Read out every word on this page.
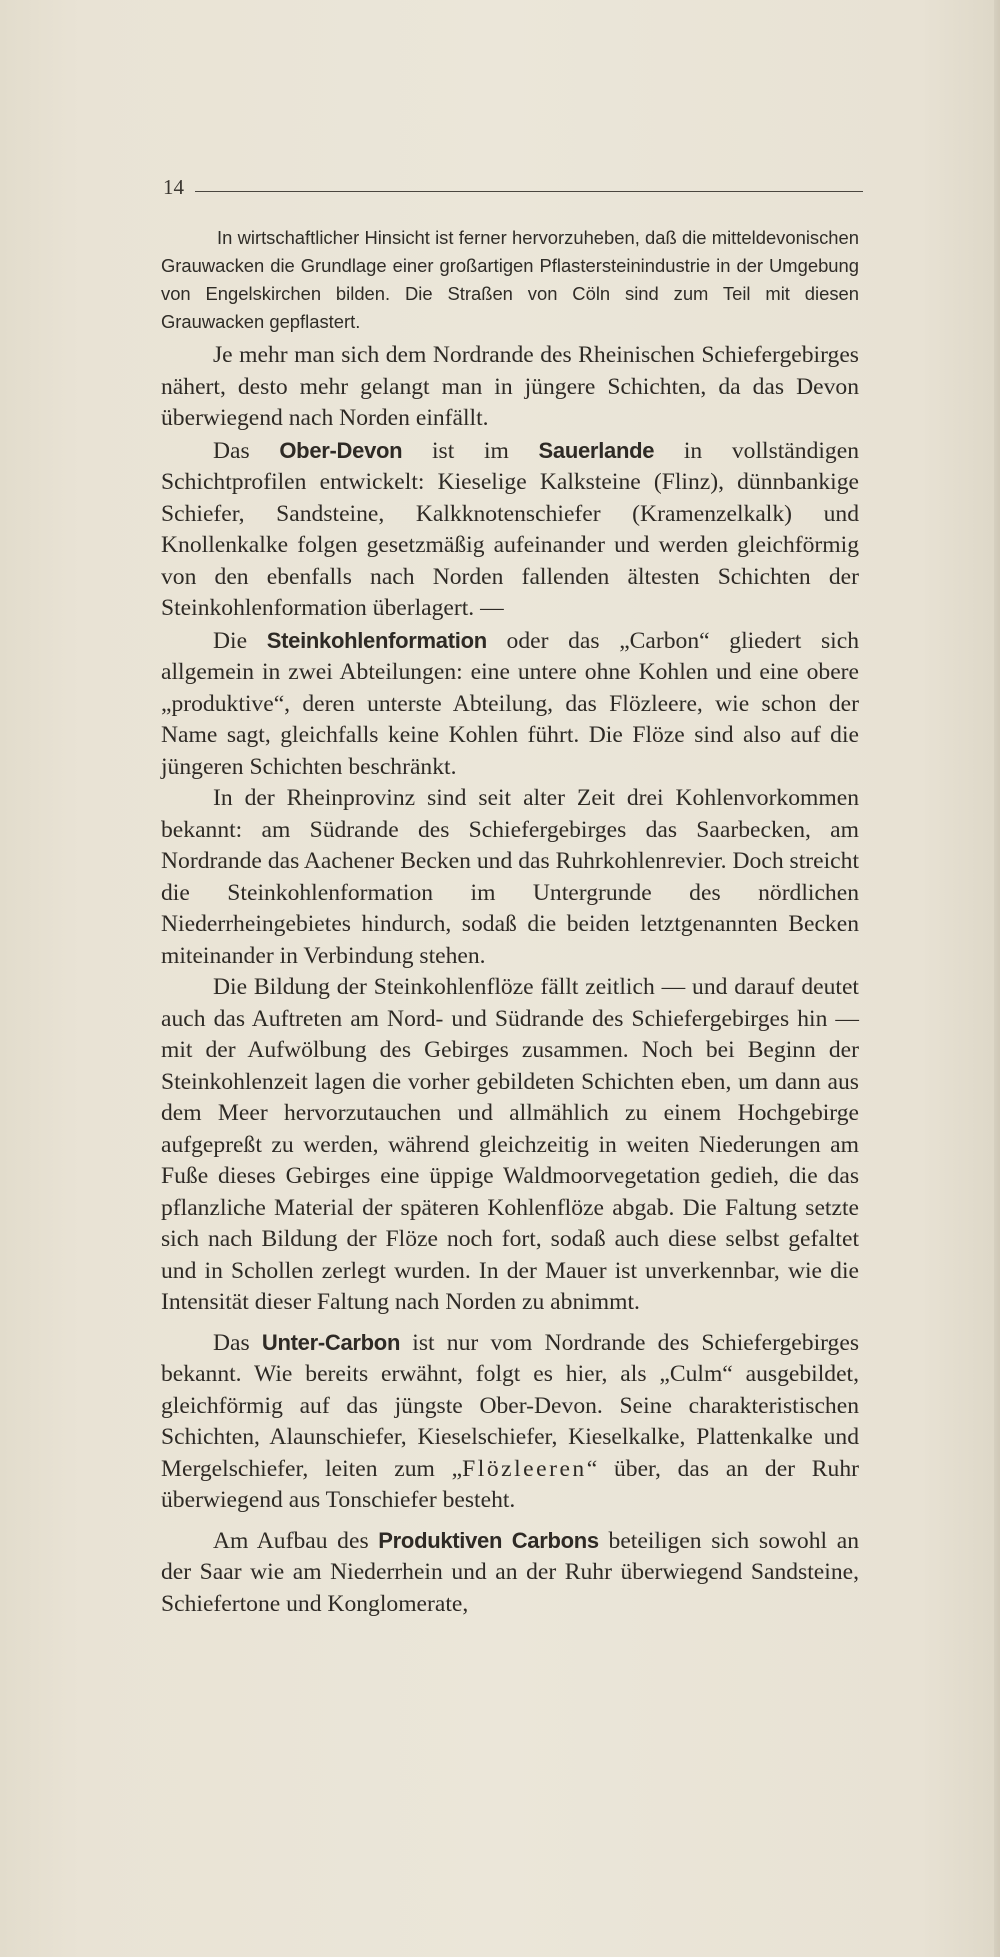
14

In wirtschaftlicher Hinsicht ist ferner hervorzuheben, daß die mitteldevonischen Grauwacken die Grundlage einer großartigen Pflastersteinindustrie in der Umgebung von Engelskirchen bilden. Die Straßen von Cöln sind zum Teil mit diesen Grauwacken gepflastert.

Je mehr man sich dem Nordrande des Rheinischen Schiefergebirges nähert, desto mehr gelangt man in jüngere Schichten, da das Devon überwiegend nach Norden einfällt.

Das Ober-Devon ist im Sauerlande in vollständigen Schichtprofilen entwickelt: Kieselige Kalksteine (Flinz), dünnbankige Schiefer, Sandsteine, Kalkknotenschiefer (Kramenzelkalk) und Knollenkalke folgen gesetzmäßig aufeinander und werden gleichförmig von den ebenfalls nach Norden fallenden ältesten Schichten der Steinkohlenformation überlagert. —

Die Steinkohlenformation oder das „Carbon“ gliedert sich allgemein in zwei Abteilungen: eine untere ohne Kohlen und eine obere „produktive“, deren unterste Abteilung, das Flözleere, wie schon der Name sagt, gleichfalls keine Kohlen führt. Die Flöze sind also auf die jüngeren Schichten beschränkt.

In der Rheinprovinz sind seit alter Zeit drei Kohlenvorkommen bekannt: am Südrande des Schiefergebirges das Saarbecken, am Nordrande das Aachener Becken und das Ruhrkohlenrevier. Doch streicht die Steinkohlenformation im Untergrunde des nördlichen Niederrheingebietes hindurch, sodaß die beiden letztgenannten Becken miteinander in Verbindung stehen.

Die Bildung der Steinkohlenflöze fällt zeitlich — und darauf deutet auch das Auftreten am Nord- und Südrande des Schiefergebirges hin — mit der Aufwölbung des Gebirges zusammen. Noch bei Beginn der Steinkohlenzeit lagen die vorher gebildeten Schichten eben, um dann aus dem Meer hervorzutauchen und allmählich zu einem Hochgebirge aufgepreßt zu werden, während gleichzeitig in weiten Niederungen am Fuße dieses Gebirges eine üppige Waldmoorvegetation gedieh, die das pflanzliche Material der späteren Kohlenflöze abgab. Die Faltung setzte sich nach Bildung der Flöze noch fort, sodaß auch diese selbst gefaltet und in Schollen zerlegt wurden. In der Mauer ist unverkennbar, wie die Intensität dieser Faltung nach Norden zu abnimmt.

Das Unter-Carbon ist nur vom Nordrande des Schiefergebirges bekannt. Wie bereits erwähnt, folgt es hier, als „Culm“ ausgebildet, gleichförmig auf das jüngste Ober-Devon. Seine charakteristischen Schichten, Alaunschiefer, Kieselschiefer, Kieselkalke, Plattenkalke und Mergelschiefer, leiten zum „Flözleeren“ über, das an der Ruhr überwiegend aus Tonschiefer besteht.

Am Aufbau des Produktiven Carbons beteiligen sich sowohl an der Saar wie am Niederrhein und an der Ruhr überwiegend Sandsteine, Schiefertone und Konglomerate,
